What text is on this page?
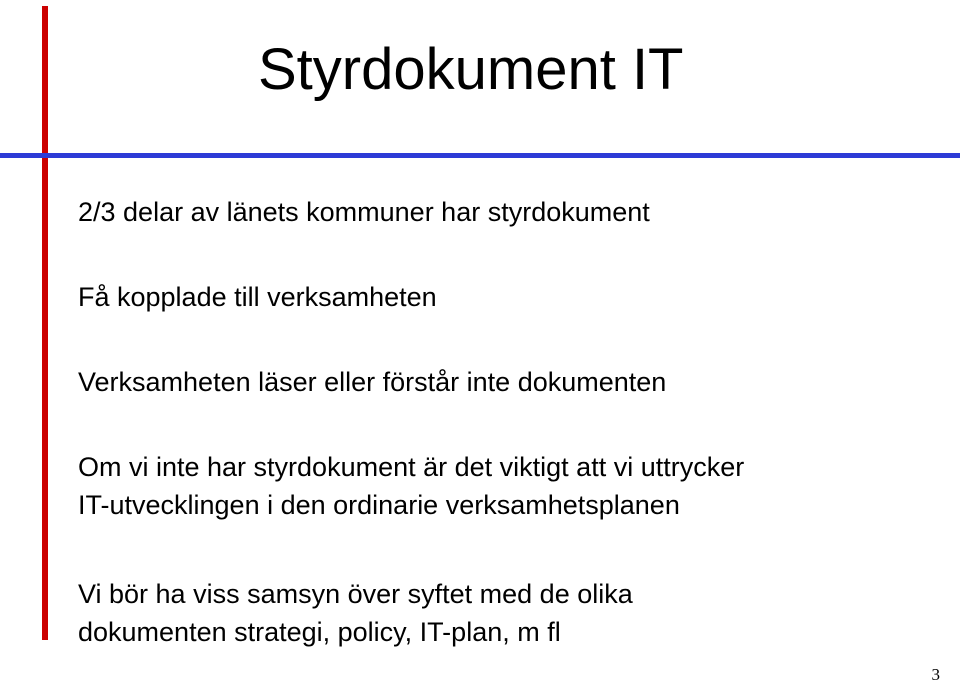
Styrdokument IT
2/3 delar av länets kommuner har styrdokument
Få kopplade till verksamheten
Verksamheten läser eller förstår inte dokumenten
Om vi inte har styrdokument är det viktigt att vi uttrycker
IT-utvecklingen i den ordinarie verksamhetsplanen
Vi bör ha viss samsyn över syftet med de olika
dokumenten strategi, policy, IT-plan, m fl
3
